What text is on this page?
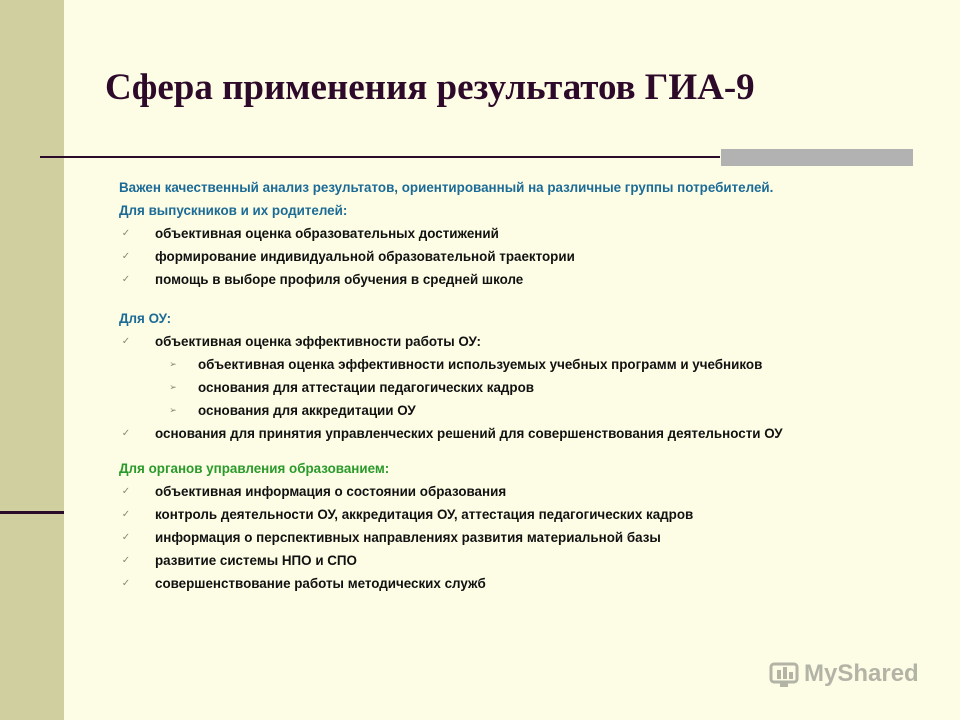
Сфера применения результатов ГИА-9
Важен качественный анализ результатов, ориентированный на различные группы потребителей.
Для выпускников и их родителей:
✓ объективная оценка образовательных достижений
✓ формирование индивидуальной образовательной траектории
✓ помощь в выборе профиля обучения в средней школе
Для ОУ:
✓ объективная оценка эффективности работы ОУ:
➢ объективная оценка эффективности используемых учебных программ и учебников
➢ основания для аттестации педагогических кадров
➢ основания для аккредитации ОУ
✓ основания для принятия управленческих решений для совершенствования деятельности ОУ
Для органов управления образованием:
✓ объективная информация о состоянии образования
✓ контроль деятельности ОУ, аккредитация ОУ, аттестация педагогических кадров
✓ информация о перспективных направлениях развития материальной базы
✓ развитие системы НПО и СПО
✓ совершенствование работы методических служб
MyShared
